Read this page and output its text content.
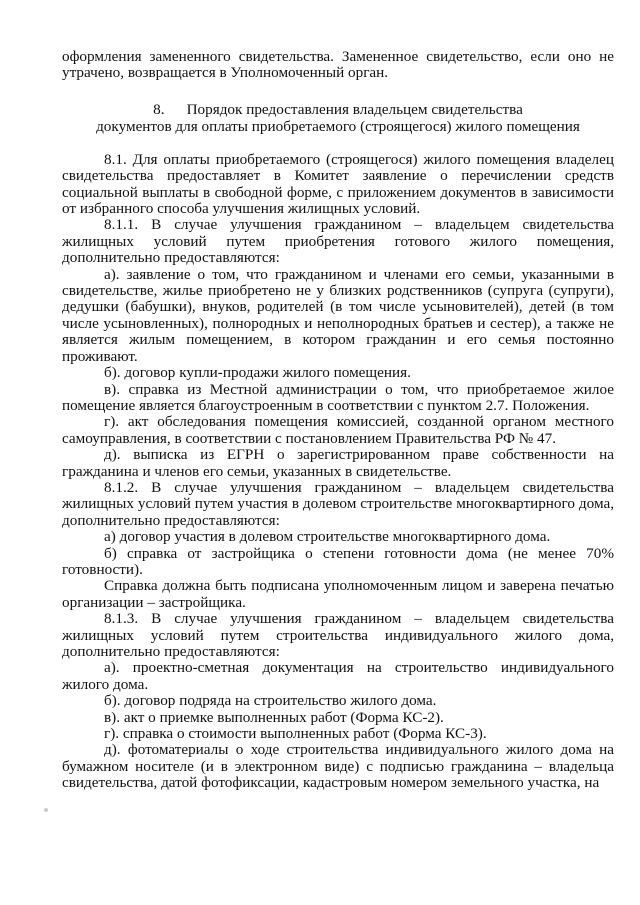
оформления замененного свидетельства. Замененное свидетельство, если оно не утрачено, возвращается в Уполномоченный орган.

8. Порядок предоставления владельцем свидетельства
документов для оплаты приобретаемого (строящегося) жилого помещения

8.1. Для оплаты приобретаемого (строящегося) жилого помещения владелец свидетельства предоставляет в Комитет заявление о перечислении средств социальной выплаты в свободной форме, с приложением документов в зависимости от избранного способа улучшения жилищных условий.

8.1.1. В случае улучшения гражданином – владельцем свидетельства жилищных условий путем приобретения готового жилого помещения, дополнительно предоставляются:

а). заявление о том, что гражданином и членами его семьи, указанными в свидетельстве, жилье приобретено не у близких родственников (супруга (супруги), дедушки (бабушки), внуков, родителей (в том числе усыновителей), детей (в том числе усыновленных), полнородных и неполнородных братьев и сестер), а также не является жилым помещением, в котором гражданин и его семья постоянно проживают.

б). договор купли-продажи жилого помещения.

в). справка из Местной администрации о том, что приобретаемое жилое помещение является благоустроенным в соответствии с пунктом 2.7. Положения.

г). акт обследования помещения комиссией, созданной органом местного самоуправления, в соответствии с постановлением Правительства РФ № 47.

д). выписка из ЕГРН о зарегистрированном праве собственности на гражданина и членов его семьи, указанных в свидетельстве.

8.1.2. В случае улучшения гражданином – владельцем свидетельства жилищных условий путем участия в долевом строительстве многоквартирного дома, дополнительно предоставляются:

а) договор участия в долевом строительстве многоквартирного дома.

б) справка от застройщика о степени готовности дома (не менее 70% готовности).

Справка должна быть подписана уполномоченным лицом и заверена печатью организации – застройщика.

8.1.3. В случае улучшения гражданином – владельцем свидетельства жилищных условий путем строительства индивидуального жилого дома, дополнительно предоставляются:

а). проектно-сметная документация на строительство индивидуального жилого дома.

б). договор подряда на строительство жилого дома.

в). акт о приемке выполненных работ (Форма КС-2).

г). справка о стоимости выполненных работ (Форма КС-3).

д). фотоматериалы о ходе строительства индивидуального жилого дома на бумажном носителе (и в электронном виде) с подписью гражданина – владельца свидетельства, датой фотофиксации, кадастровым номером земельного участка, на
